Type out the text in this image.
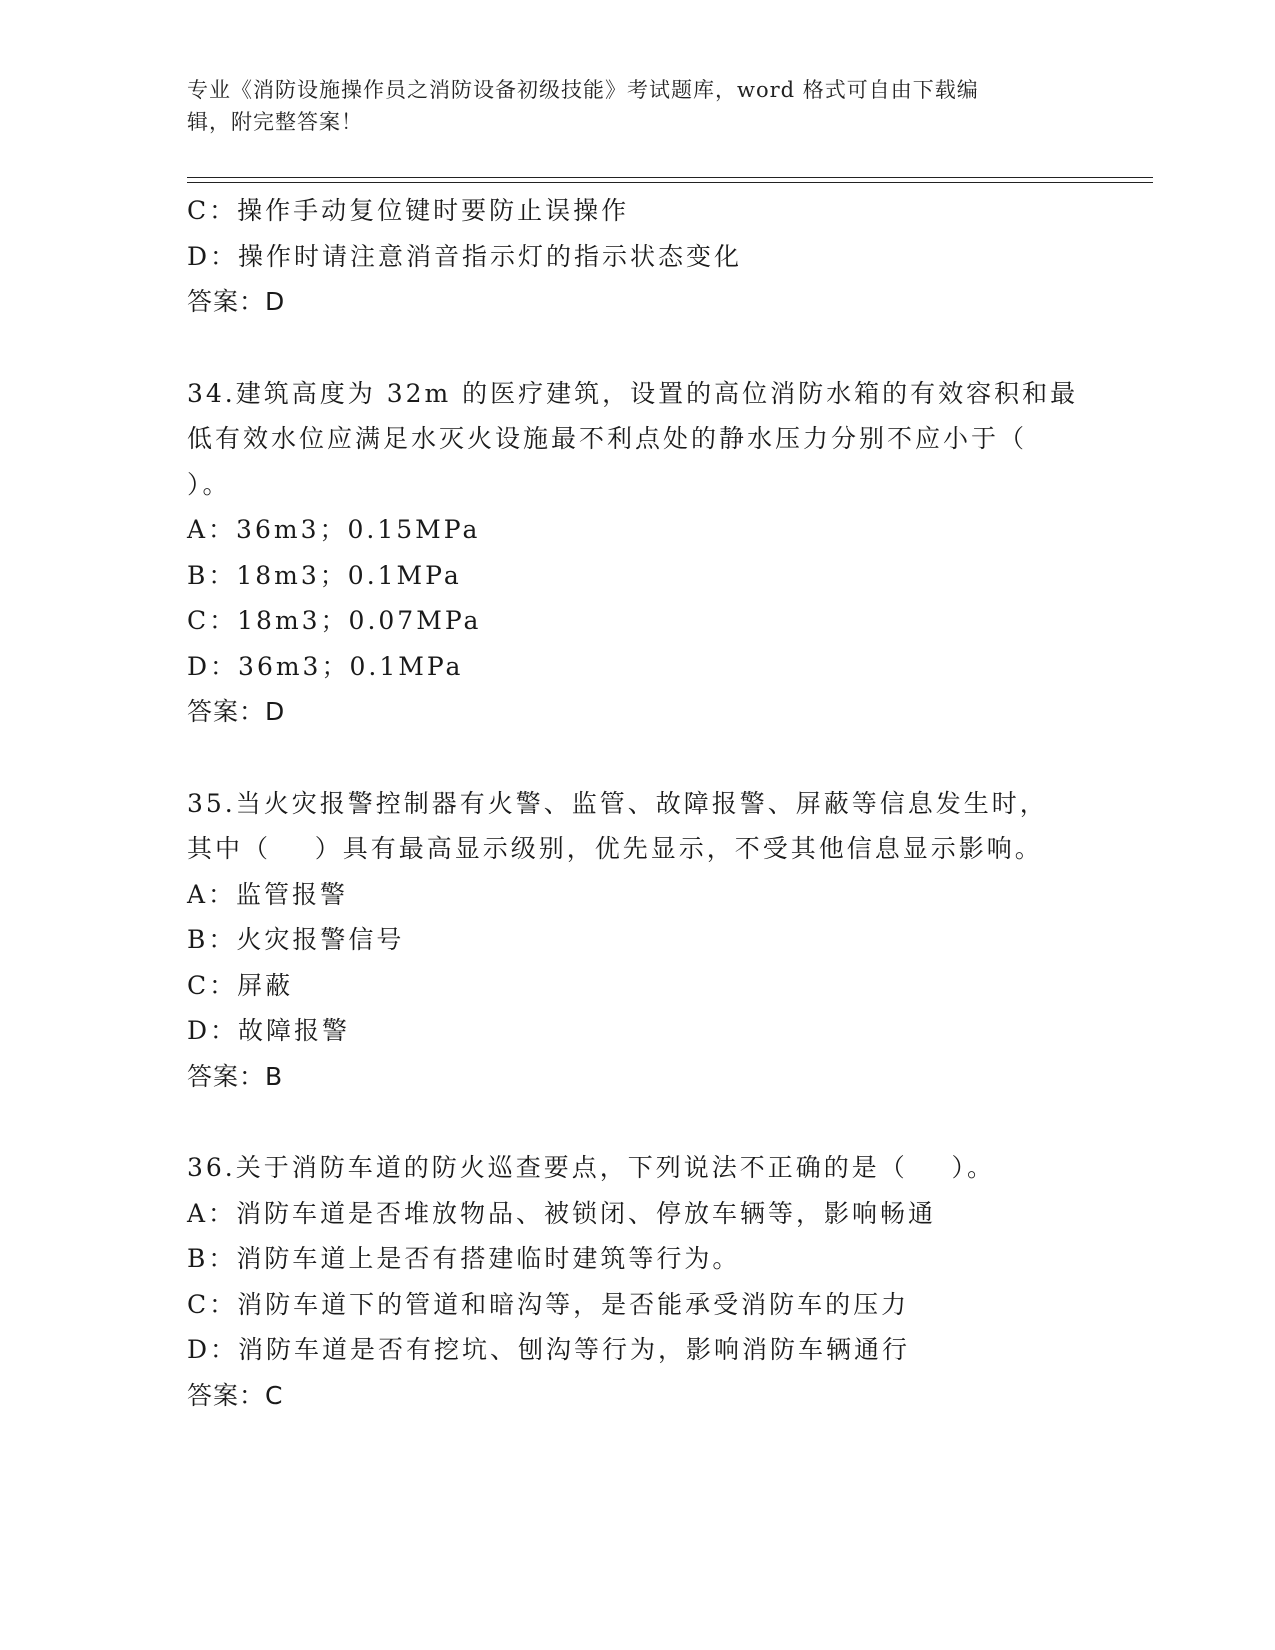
专业《消防设施操作员之消防设备初级技能》考试题库，word 格式可自由下载编
辑，附完整答案！
C：操作手动复位键时要防止误操作
D：操作时请注意消音指示灯的指示状态变化
答案：D
34.建筑高度为 32m 的医疗建筑，设置的高位消防水箱的有效容积和最
低有效水位应满足水灭火设施最不利点处的静水压力分别不应小于（
）。
A：36m3；0.15MPa
B：18m3；0.1MPa
C：18m3；0.07MPa
D：36m3；0.1MPa
答案：D
35.当火灾报警控制器有火警、监管、故障报警、屏蔽等信息发生时，
其中（    ）具有最高显示级别，优先显示，不受其他信息显示影响。
A：监管报警
B：火灾报警信号
C：屏蔽
D：故障报警
答案：B
36.关于消防车道的防火巡查要点，下列说法不正确的是（    ）。
A：消防车道是否堆放物品、被锁闭、停放车辆等，影响畅通
B：消防车道上是否有搭建临时建筑等行为。
C：消防车道下的管道和暗沟等，是否能承受消防车的压力
D：消防车道是否有挖坑、刨沟等行为，影响消防车辆通行
答案：C
